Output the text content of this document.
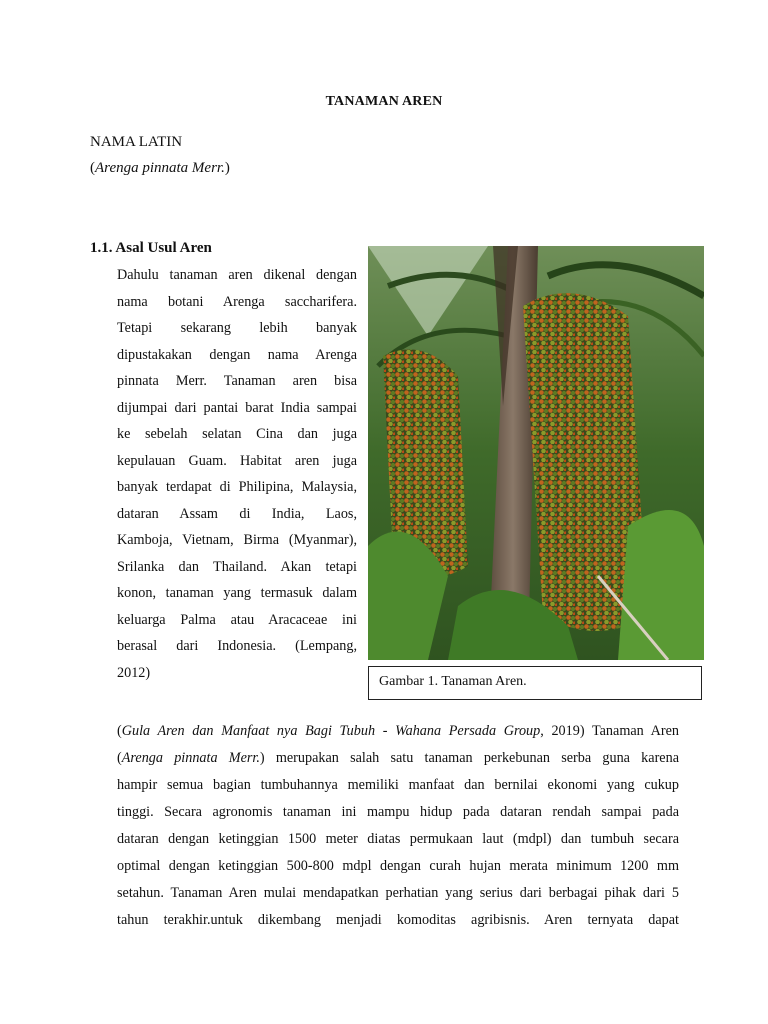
TANAMAN AREN
NAMA LATIN
(Arenga pinnata Merr.)
1.1. Asal Usul Aren
Dahulu tanaman aren dikenal dengan
nama botani Arenga saccharifera.
Tetapi sekarang lebih banyak
dipustakakan dengan nama Arenga
pinnata Merr. Tanaman aren bisa
dijumpai dari pantai barat India sampai
ke sebelah selatan Cina dan juga
kepulauan Guam. Habitat aren juga
banyak terdapat di Philipina, Malaysia,
dataran Assam di India, Laos,
Kamboja, Vietnam, Birma (Myanmar),
Srilanka dan Thailand. Akan tetapi
konon, tanaman yang termasuk dalam
keluarga Palma atau Aracaceae ini
berasal dari Indonesia. (Lempang,
2012)
Gambar 1. Tanaman Aren.
(Gula Aren dan Manfaat nya Bagi Tubuh - Wahana Persada Group, 2019) Tanaman Aren
(Arenga pinnata Merr.) merupakan salah satu tanaman perkebunan serba guna karena
hampir semua bagian tumbuhannya memiliki manfaat dan bernilai ekonomi yang cukup
tinggi. Secara agronomis tanaman ini mampu hidup pada dataran rendah sampai pada
dataran dengan ketinggian 1500 meter diatas permukaan laut (mdpl) dan tumbuh secara
optimal dengan ketinggian 500-800 mdpl dengan curah hujan merata minimum 1200 mm
setahun. Tanaman Aren mulai mendapatkan perhatian yang serius dari berbagai pihak dari 5
tahun terakhir.untuk dikembang menjadi komoditas agribisnis. Aren ternyata dapat
